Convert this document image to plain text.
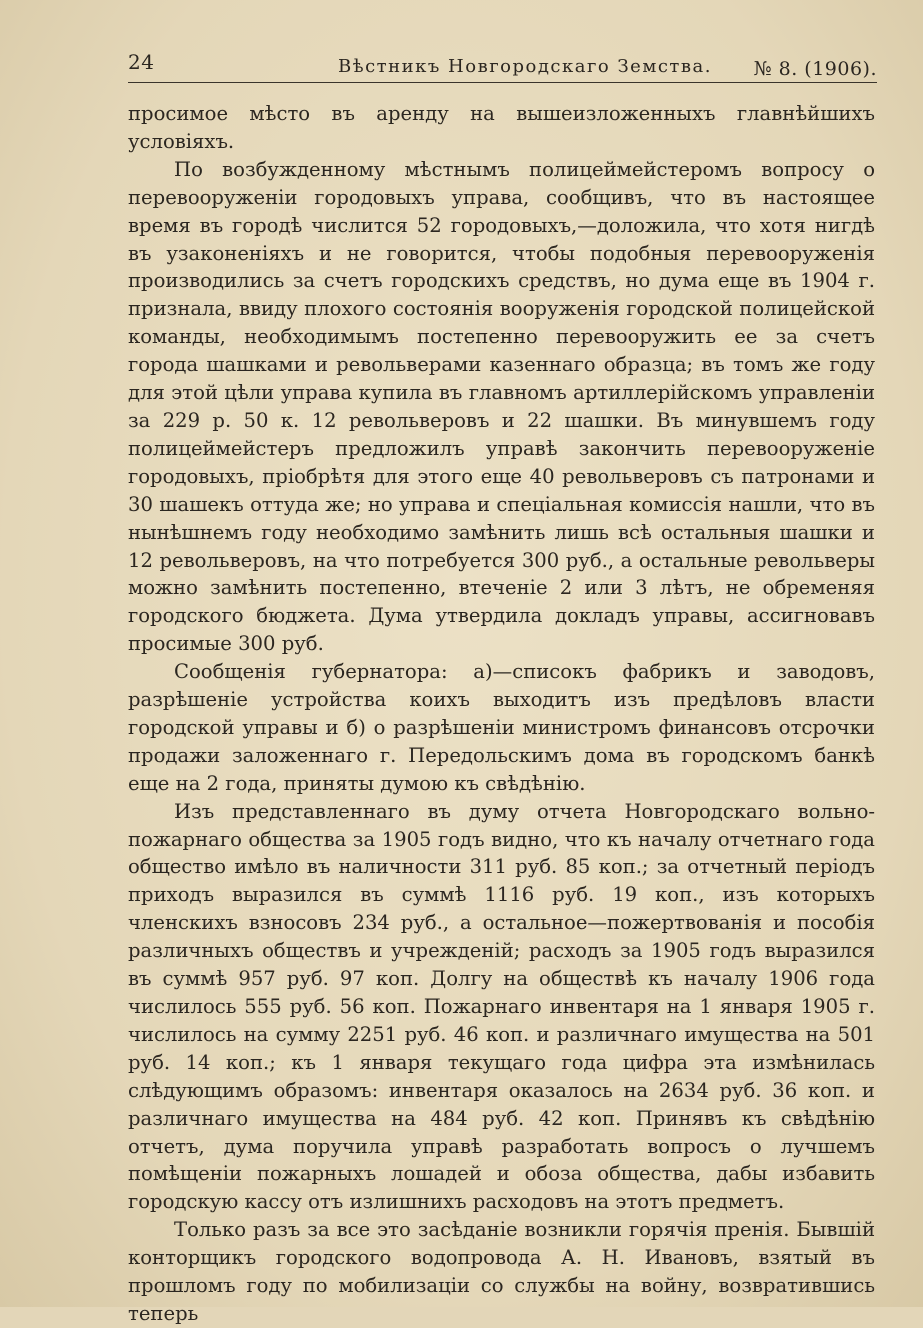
24	Вѣстникъ Новгородскаго Земства. № 8. (1906).

просимое мѣсто въ аренду на вышеизложенныхъ главнѣйшихъ условіяхъ.

По возбужденному мѣстнымъ полицеймейстеромъ вопросу о перевооруженіи городовыхъ управа, сообщивъ, что въ настоящее время въ городѣ числится 52 городовыхъ,—доложила, что хотя нигдѣ въ узаконеніяхъ и не говорится, чтобы подобныя перевооруженія производились за счетъ городскихъ средствъ, но дума еще въ 1904 г. признала, ввиду плохого состоянія вооруженія городской полицейской команды, необходимымъ постепенно перевооружить ее за счетъ города шашками и револьверами казеннаго образца; въ томъ же году для этой цѣли управа купила въ главномъ артиллерійскомъ управленіи за 229 р. 50 к. 12 револьверовъ и 22 шашки. Въ минувшемъ году полицеймейстеръ предложилъ управѣ закончить перевооруженіе городовыхъ, пріобрѣтя для этого еще 40 револьверовъ съ патронами и 30 шашекъ оттуда же; но управа и спеціальная комиссія нашли, что въ нынѣшнемъ году необходимо замѣнить лишь всѣ остальныя шашки и 12 револьверовъ, на что потребуется 300 руб., а остальные револьверы можно замѣнить постепенно, втеченіе 2 или 3 лѣтъ, не обременяя городского бюджета. Дума утвердила докладъ управы, ассигновавъ просимые 300 руб.

Сообщенія губернатора: а)—списокъ фабрикъ и заводовъ, разрѣшеніе устройства коихъ выходитъ изъ предѣловъ власти городской управы и б) о разрѣшеніи министромъ финансовъ отсрочки продажи заложеннаго г. Передольскимъ дома въ городскомъ банкѣ еще на 2 года, приняты думою къ свѣдѣнію.

Изъ представленнаго въ думу отчета Новгородскаго вольно-пожарнаго общества за 1905 годъ видно, что къ началу отчетнаго года общество имѣло въ наличности 311 руб. 85 коп.; за отчетный періодъ приходъ выразился въ суммѣ 1116 руб. 19 коп., изъ которыхъ членскихъ взносовъ 234 руб., а остальное—пожертвованія и пособія различныхъ обществъ и учрежденій; расходъ за 1905 годъ выразился въ суммѣ 957 руб. 97 коп. Долгу на обществѣ къ началу 1906 года числилось 555 руб. 56 коп. Пожарнаго инвентаря на 1 января 1905 г. числилось на сумму 2251 руб. 46 коп. и различнаго имущества на 501 руб. 14 коп.; къ 1 января текущаго года цифра эта измѣнилась слѣдующимъ образомъ: инвентаря оказалось на 2634 руб. 36 коп. и различнаго имущества на 484 руб. 42 коп. Принявъ къ свѣдѣнію отчетъ, дума поручила управѣ разработать вопросъ о лучшемъ помѣщеніи пожарныхъ лошадей и обоза общества, дабы избавить городскую кассу отъ излишнихъ расходовъ на этотъ предметъ.

Только разъ за все это засѣданіе возникли горячія пренія. Бывшій конторщикъ городского водопровода А. Н. Ивановъ, взятый въ прошломъ году по мобилизаціи со службы на войну, возвратившись теперь
